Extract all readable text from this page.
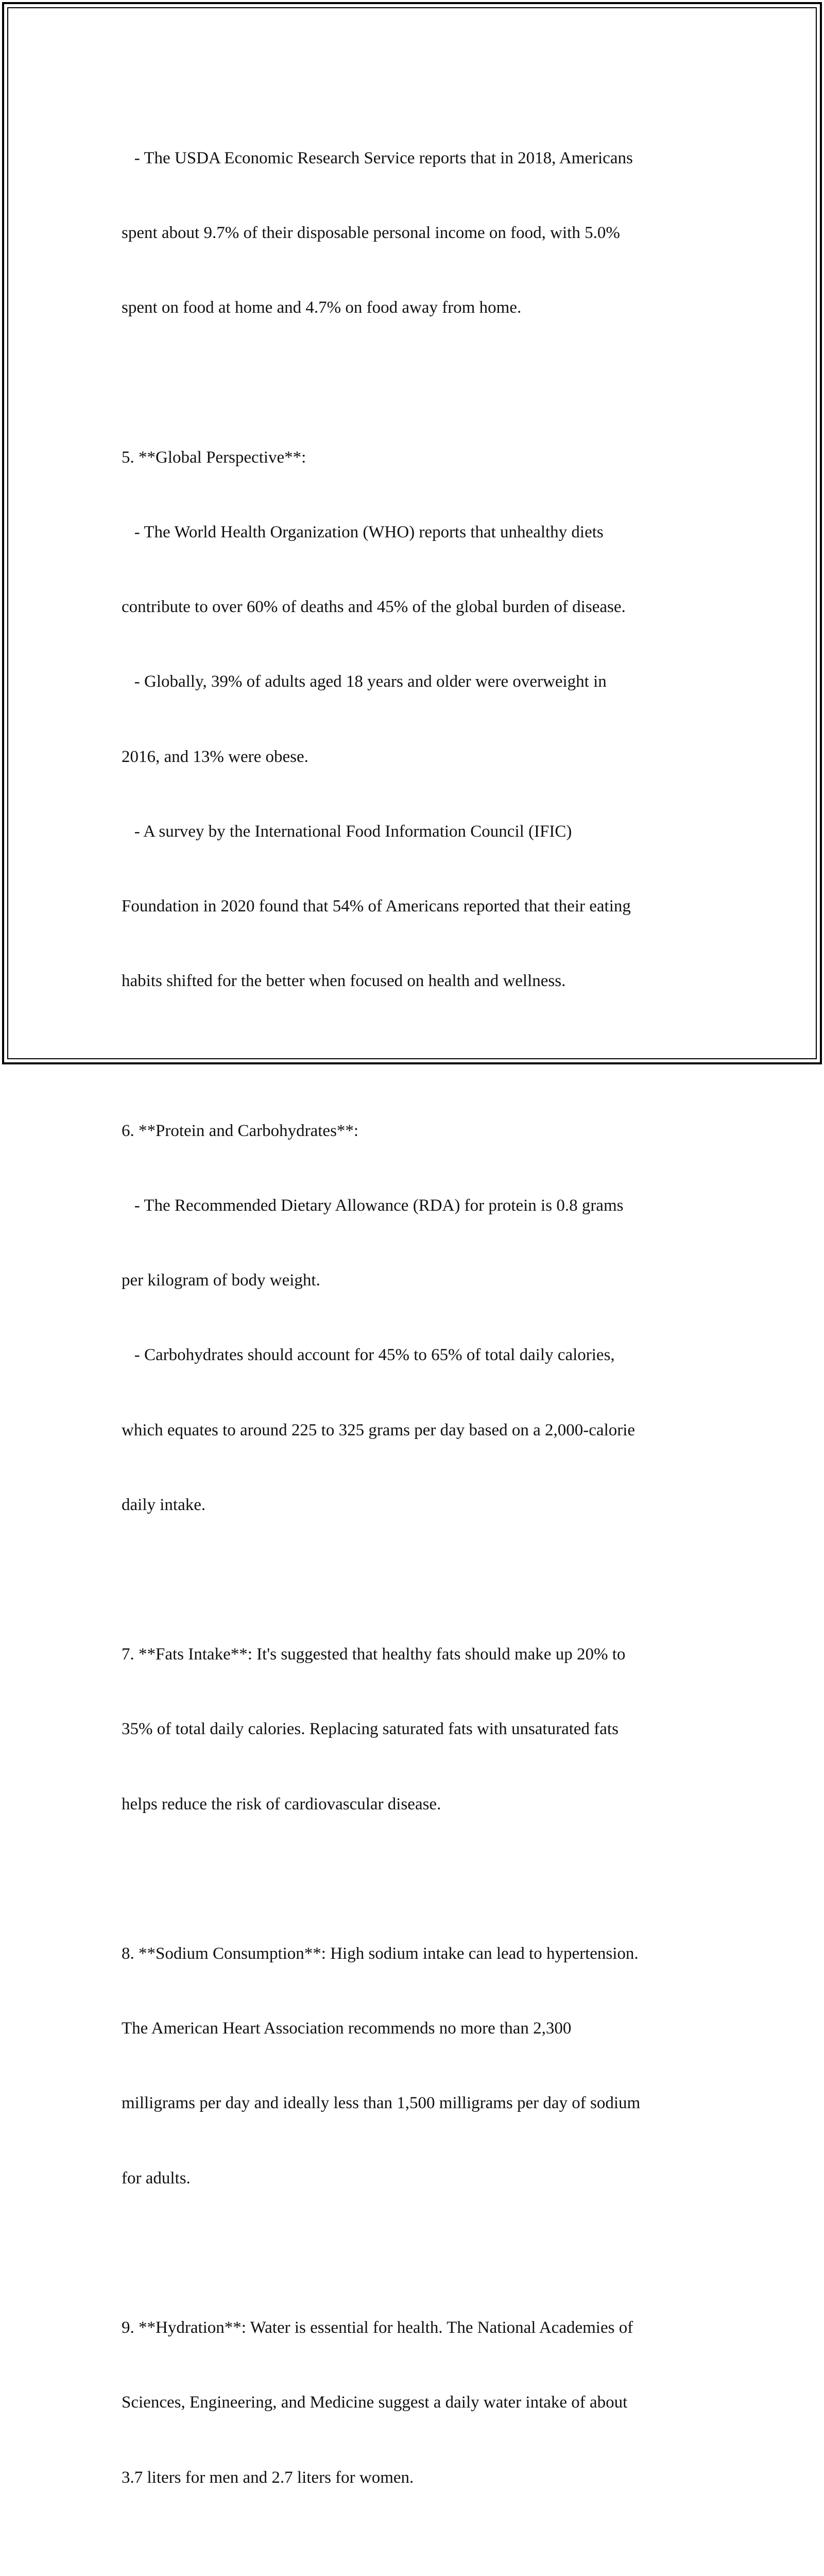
- The USDA Economic Research Service reports that in 2018, Americans

spent about 9.7% of their disposable personal income on food, with 5.0%

spent on food at home and 4.7% on food away from home.

5. **Global Perspective**:

- The World Health Organization (WHO) reports that unhealthy diets

contribute to over 60% of deaths and 45% of the global burden of disease.

- Globally, 39% of adults aged 18 years and older were overweight in

2016, and 13% were obese.

- A survey by the International Food Information Council (IFIC)

Foundation in 2020 found that 54% of Americans reported that their eating

habits shifted for the better when focused on health and wellness.

6. **Protein and Carbohydrates**:

- The Recommended Dietary Allowance (RDA) for protein is 0.8 grams

per kilogram of body weight.

- Carbohydrates should account for 45% to 65% of total daily calories,

which equates to around 225 to 325 grams per day based on a 2,000-calorie

daily intake.

7. **Fats Intake**: It's suggested that healthy fats should make up 20% to

35% of total daily calories. Replacing saturated fats with unsaturated fats

helps reduce the risk of cardiovascular disease.

8. **Sodium Consumption**: High sodium intake can lead to hypertension.

The American Heart Association recommends no more than 2,300

milligrams per day and ideally less than 1,500 milligrams per day of sodium

for adults.

9. **Hydration**: Water is essential for health. The National Academies of

Sciences, Engineering, and Medicine suggest a daily water intake of about

3.7 liters for men and 2.7 liters for women.
